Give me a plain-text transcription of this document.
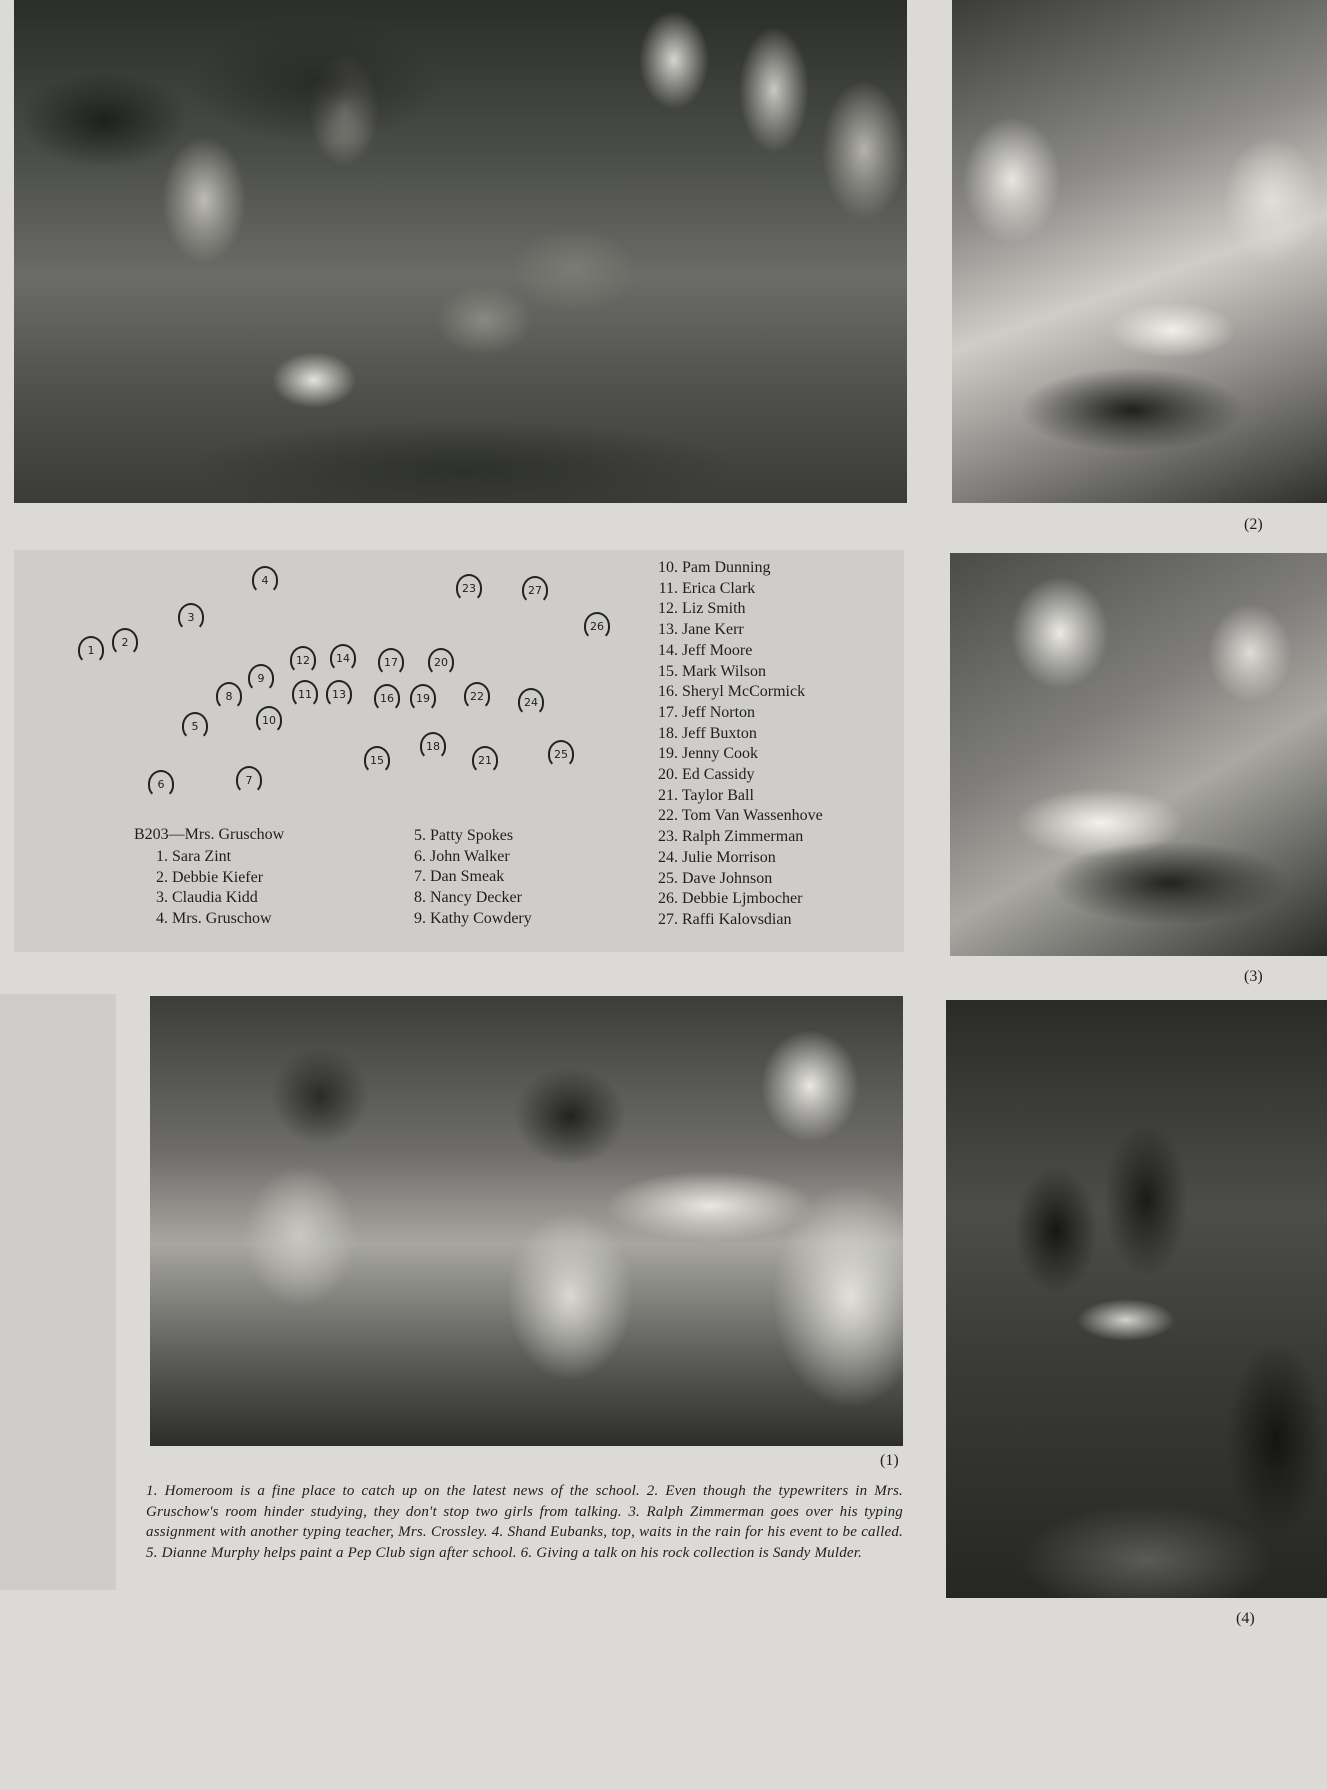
(2)
1
2
3
4
5
6	7
8
9
10
11
12
13
14
15
16
17
18
19
20
21
22
23
24
25
26
27
B203—Mrs. Gruschow
1. Sara Zint
2. Debbie Kiefer
3. Claudia Kidd
4. Mrs. Gruschow
5. Patty Spokes
6. John Walker
7. Dan Smeak
8. Nancy Decker
9. Kathy Cowdery
10. Pam Dunning
11. Erica Clark
12. Liz Smith
13. Jane Kerr
14. Jeff Moore
15. Mark Wilson
16. Sheryl McCormick
17. Jeff Norton
18. Jeff Buxton
19. Jenny Cook
20. Ed Cassidy
21. Taylor Ball
22. Tom Van Wassenhove
23. Ralph Zimmerman
24. Julie Morrison
25. Dave Johnson
26. Debbie Ljmbocher
27. Raffi Kalovsdian
(3)
(1)
1. Homeroom is a fine place to catch up on the latest news of the school. 2. Even though the typewriters in Mrs. Gruschow's room hinder studying, they don't stop two girls from talking. 3. Ralph Zimmerman goes over his typing assignment with another typing teacher, Mrs. Crossley. 4. Shand Eubanks, top, waits in the rain for his event to be called. 5. Dianne Murphy helps paint a Pep Club sign after school. 6. Giving a talk on his rock collection is Sandy Mulder.
(4)
